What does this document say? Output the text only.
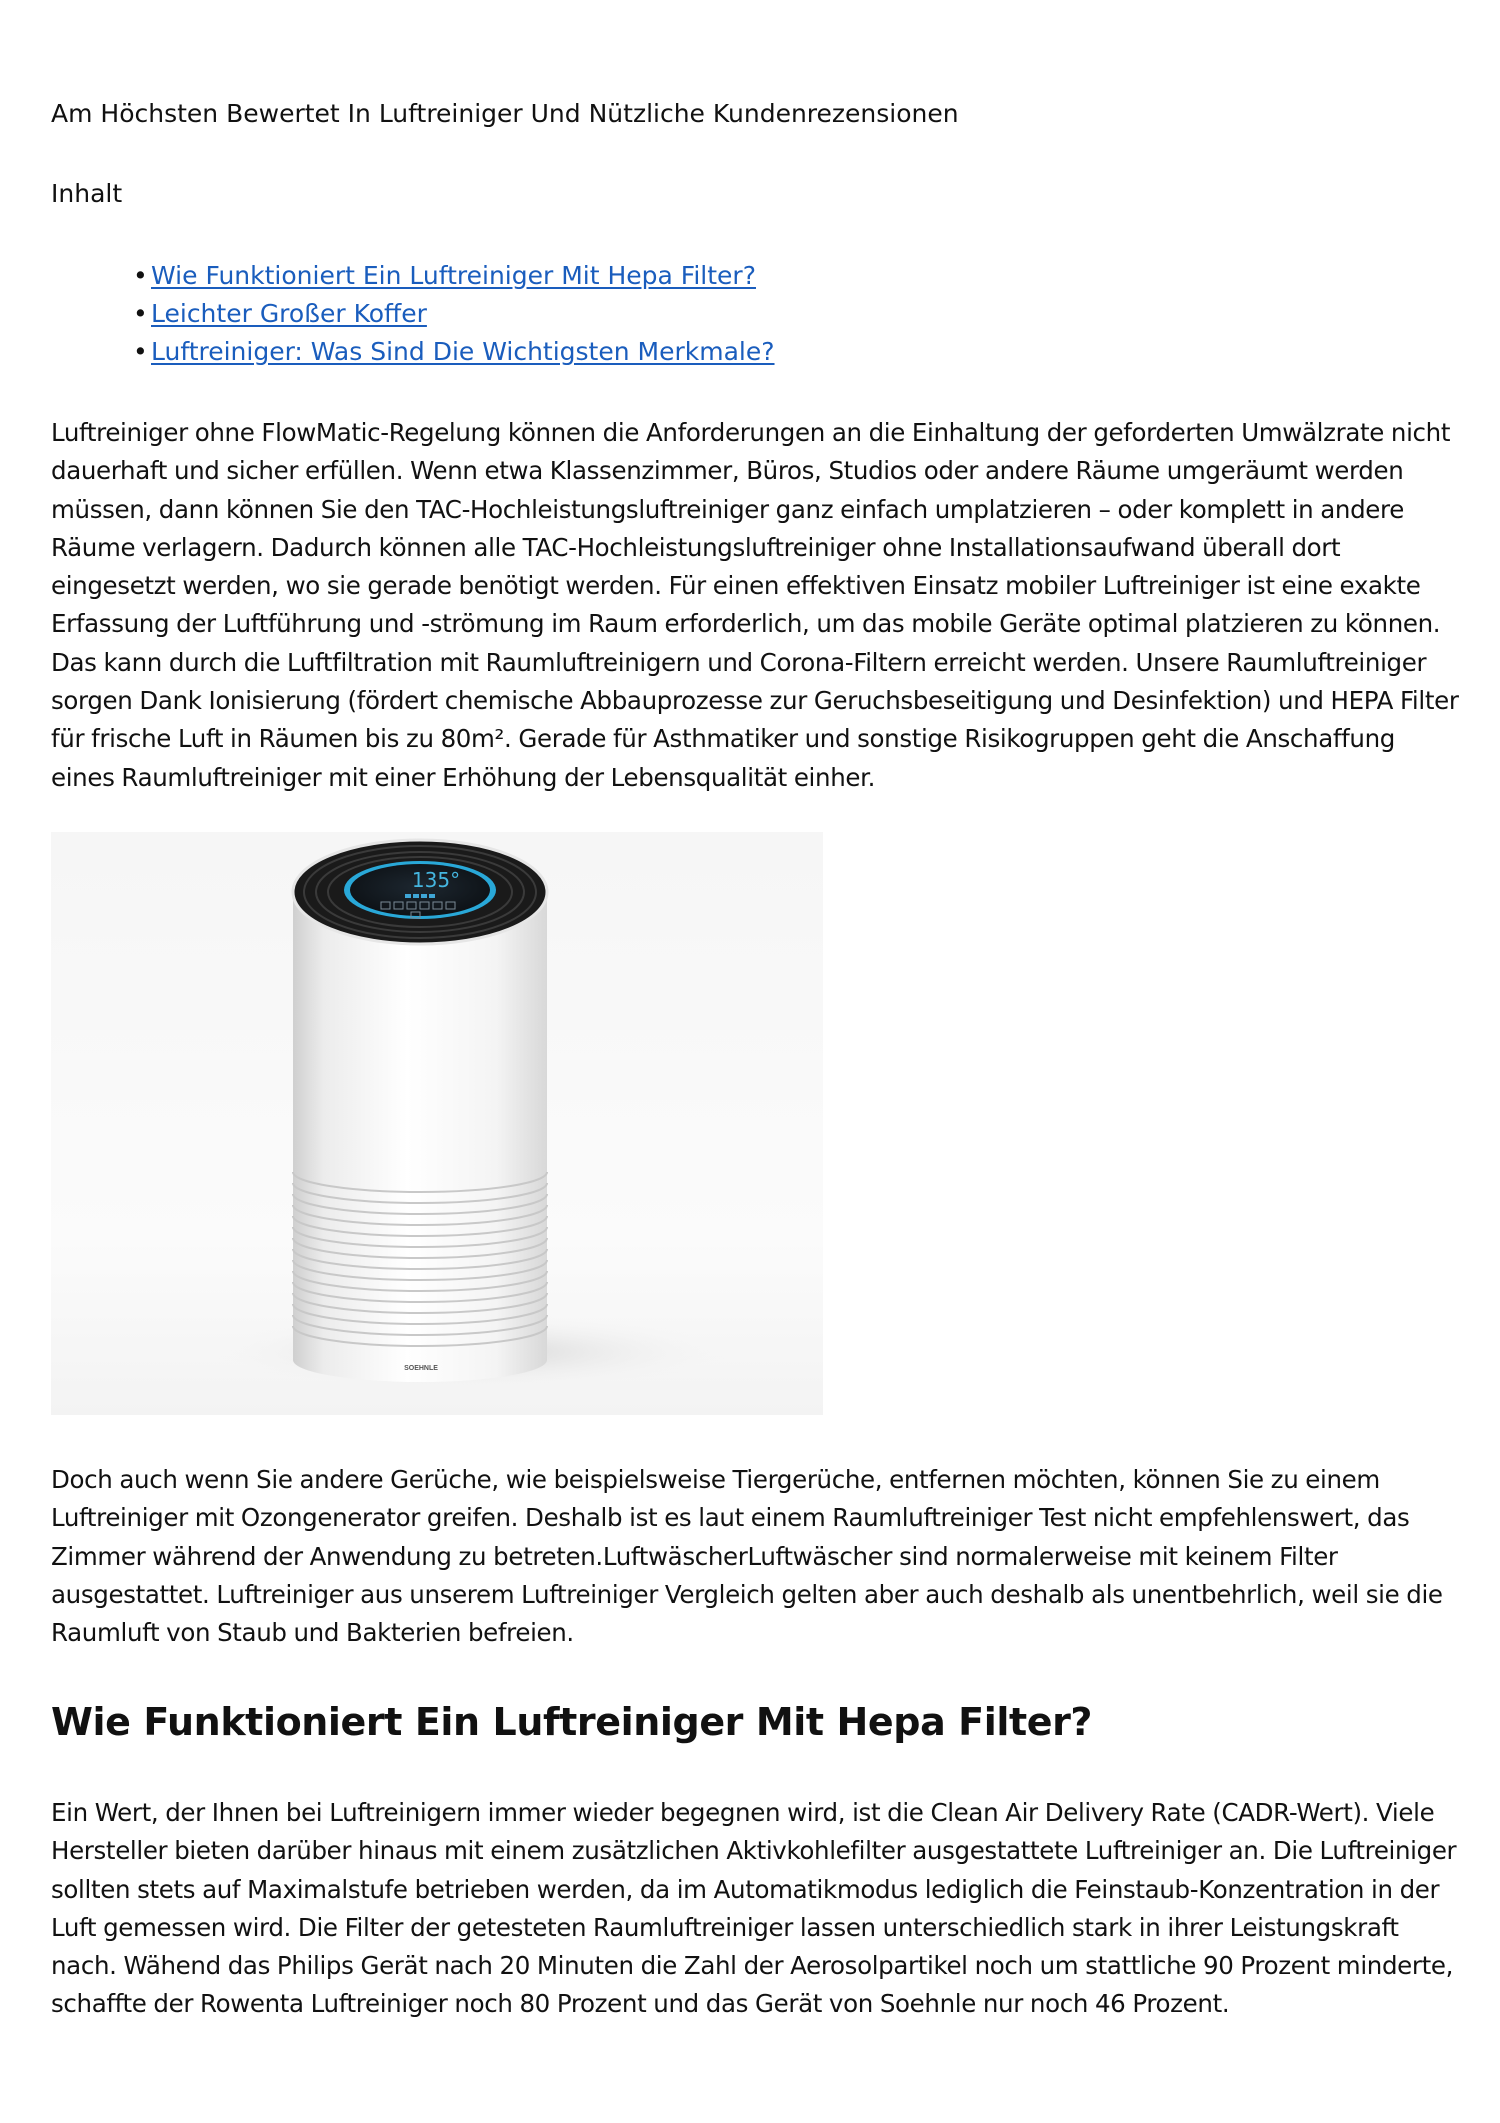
Am Höchsten Bewertet In Luftreiniger Und Nützliche Kundenrezensionen
Inhalt
• Wie Funktioniert Ein Luftreiniger Mit Hepa Filter?
• Leichter Großer Koffer
• Luftreiniger: Was Sind Die Wichtigsten Merkmale?

Luftreiniger ohne FlowMatic-Regelung können die Anforderungen an die Einhaltung der geforderten Umwälzrate nicht dauerhaft und sicher erfüllen. Wenn etwa Klassenzimmer, Büros, Studios oder andere Räume umgeräumt werden müssen, dann können Sie den TAC-Hochleistungsluftreiniger ganz einfach umplatzieren – oder komplett in andere Räume verlagern. Dadurch können alle TAC-Hochleistungsluftreiniger ohne Installationsaufwand überall dort eingesetzt werden, wo sie gerade benötigt werden. Für einen effektiven Einsatz mobiler Luftreiniger ist eine exakte Erfassung der Luftführung und -strömung im Raum erforderlich, um das mobile Geräte optimal platzieren zu können. Das kann durch die Luftfiltration mit Raumluftreinigern und Corona-Filtern erreicht werden. Unsere Raumluftreiniger sorgen Dank Ionisierung (fördert chemische Abbauprozesse zur Geruchsbeseitigung und Desinfektion) und HEPA Filter für frische Luft in Räumen bis zu 80m². Gerade für Asthmatiker und sonstige Risikogruppen geht die Anschaffung eines Raumluftreiniger mit einer Erhöhung der Lebensqualität einher.

Doch auch wenn Sie andere Gerüche, wie beispielsweise Tiergerüche, entfernen möchten, können Sie zu einem Luftreiniger mit Ozongenerator greifen. Deshalb ist es laut einem Raumluftreiniger Test nicht empfehlenswert, das Zimmer während der Anwendung zu betreten.LuftwäscherLuftwäscher sind normalerweise mit keinem Filter ausgestattet. Luftreiniger aus unserem Luftreiniger Vergleich gelten aber auch deshalb als unentbehrlich, weil sie die Raumluft von Staub und Bakterien befreien.

Wie Funktioniert Ein Luftreiniger Mit Hepa Filter?

Ein Wert, der Ihnen bei Luftreinigern immer wieder begegnen wird, ist die Clean Air Delivery Rate (CADR-Wert). Viele Hersteller bieten darüber hinaus mit einem zusätzlichen Aktivkohlefilter ausgestattete Luftreiniger an. Die Luftreiniger sollten stets auf Maximalstufe betrieben werden, da im Automatikmodus lediglich die Feinstaub-Konzentration in der Luft gemessen wird. Die Filter der getesteten Raumluftreiniger lassen unterschiedlich stark in ihrer Leistungskraft nach. Wähend das Philips Gerät nach 20 Minuten die Zahl der Aerosolpartikel noch um stattliche 90 Prozent minderte, schaffte der Rowenta Luftreiniger noch 80 Prozent und das Gerät von Soehnle nur noch 46 Prozent.

SOEHNLE
135°
